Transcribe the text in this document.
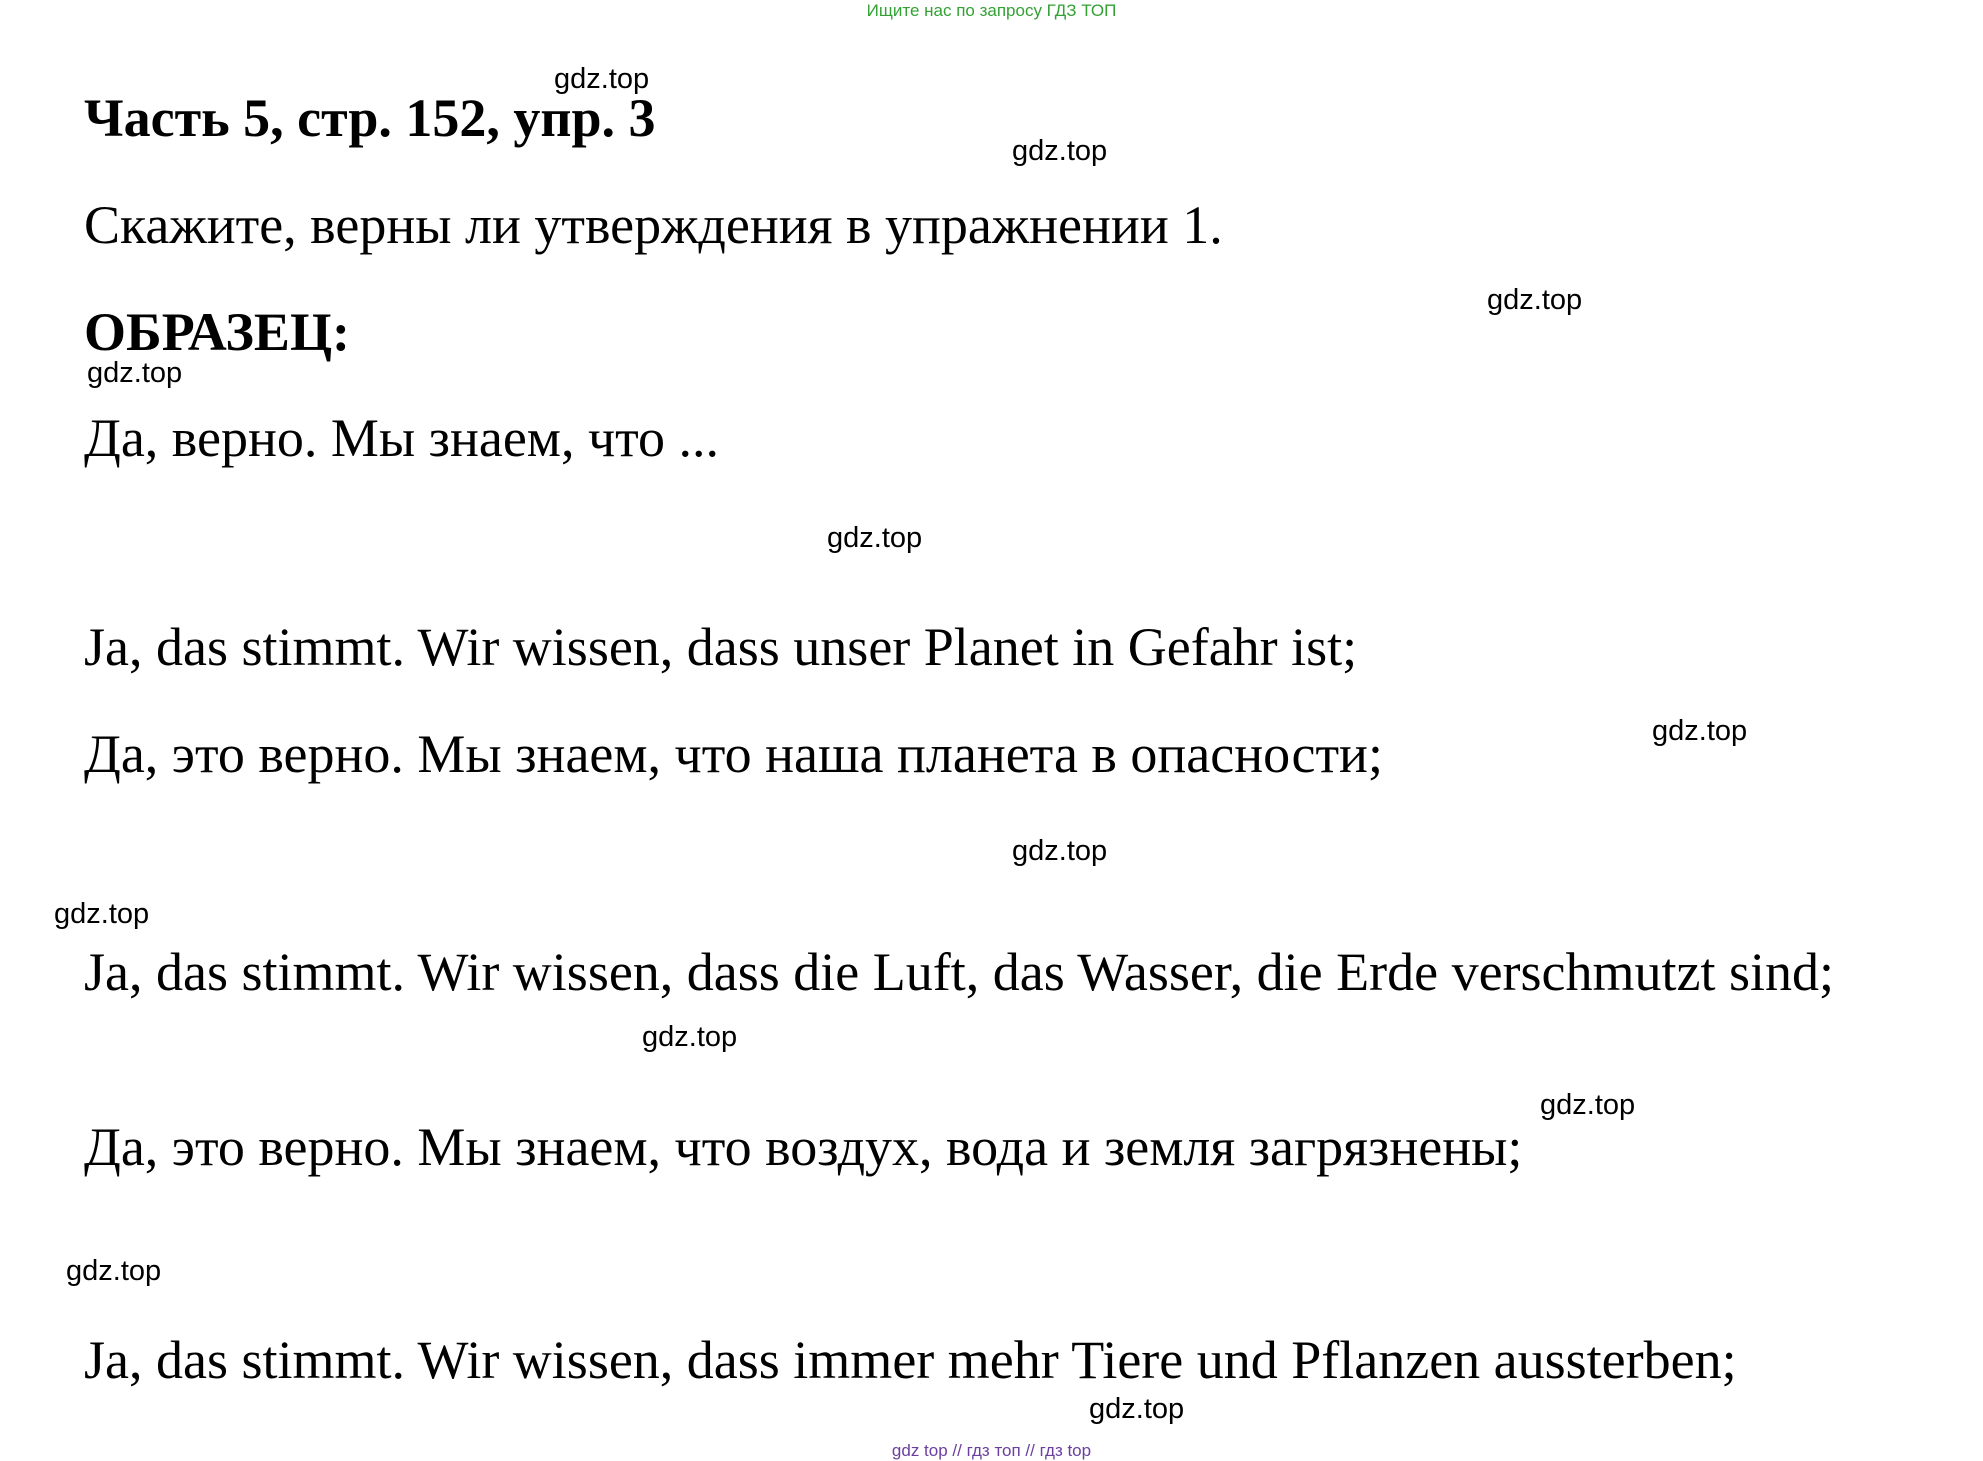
Ищите нас по запросу ГДЗ ТОП
Часть 5, стр. 152, упр. 3
Скажите, верны ли утверждения в упражнении 1.
ОБРАЗЕЦ:
Да, верно. Мы знаем, что ...
Ja, das stimmt. Wir wissen, dass unser Planet in Gefahr ist;
Да, это верно. Мы знаем, что наша планета в опасности;
Ja, das stimmt. Wir wissen, dass die Luft, das Wasser, die Erde verschmutzt sind;
Да, это верно. Мы знаем, что воздух, вода и земля загрязнены;
Ja, das stimmt. Wir wissen, dass immer mehr Tiere und Pflanzen aussterben;
gdz.top
gdz.top
gdz.top
gdz.top
gdz.top
gdz.top
gdz.top
gdz.top
gdz.top
gdz.top
gdz.top
gdz.top
gdz top // гдз топ // гдз top
